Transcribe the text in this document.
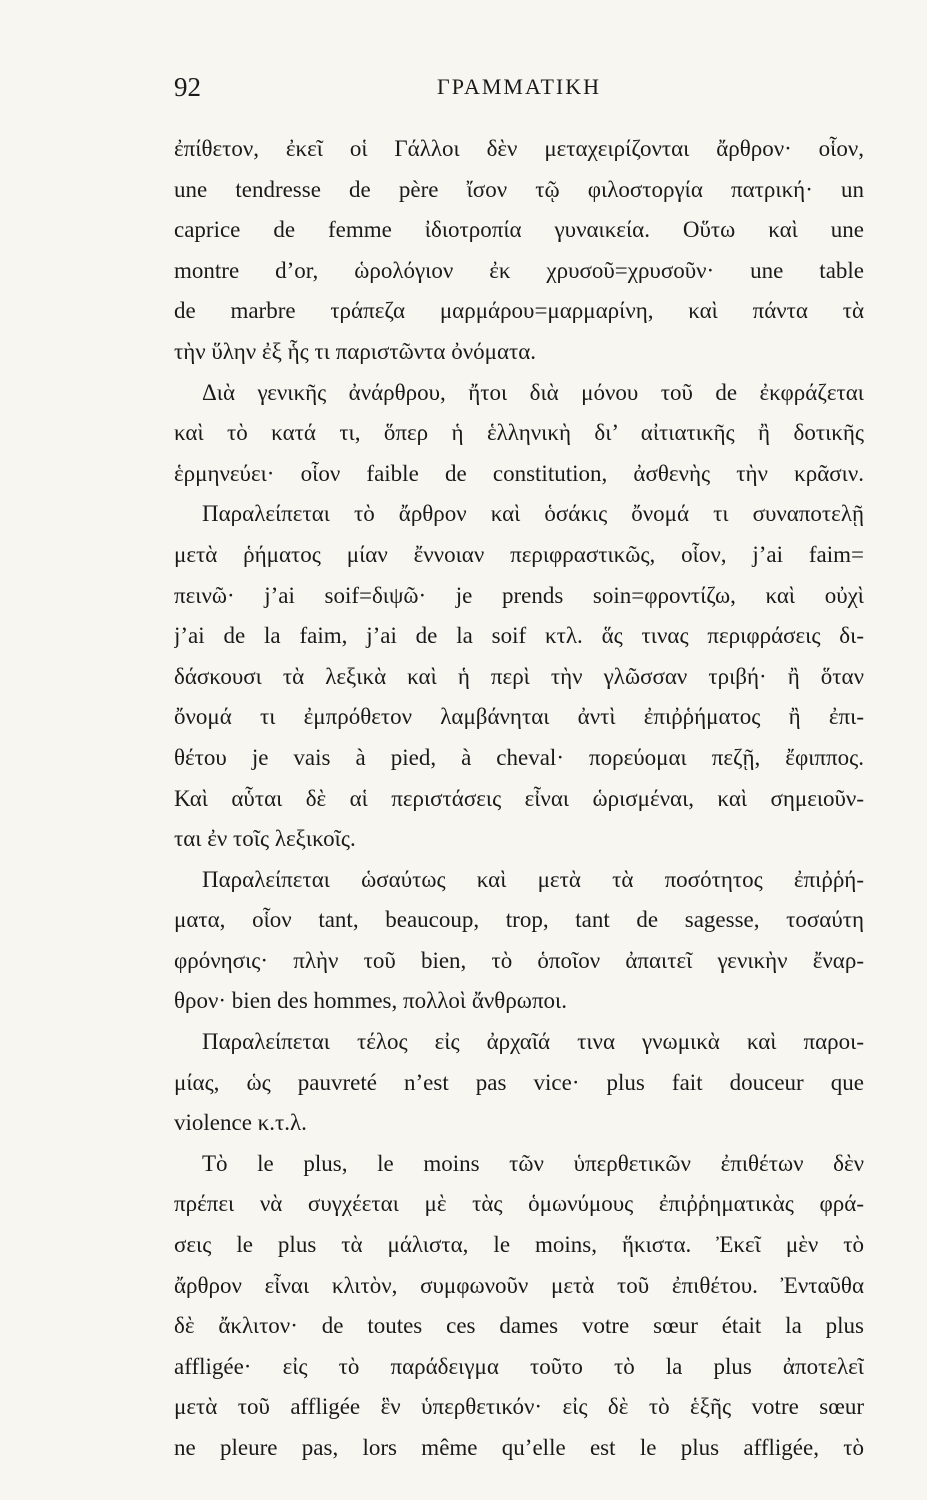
92	ΓΡΑΜΜΑΤΙΚΗ
ἐπίθετον, ἐκεῖ οἱ Γάλλοι δὲν μεταχειρίζονται ἄρθρον· οἷον,
une tendresse de père ἴσον τῷ φιλοστοργία πατρική· un
caprice de femme ἰδιοτροπία γυναικεία. Οὕτω καὶ une
montre d’or, ὡρολόγιον ἐκ χρυσοῦ=χρυσοῦν· une table
de marbre τράπεζα μαρμάρου=μαρμαρίνη, καὶ πάντα τὰ
τὴν ὕλην ἐξ ἧς τι παριστῶντα ὀνόματα.
Διὰ γενικῆς ἀνάρθρου, ἤτοι διὰ μόνου τοῦ de ἐκφράζεται
καὶ τὸ κατά τι, ὅπερ ἡ ἑλληνικὴ δι’ αἰτιατικῆς ἢ δοτικῆς
ἑρμηνεύει· οἷον faible de constitution, ἀσθενὴς τὴν κρᾶσιν.
Παραλείπεται τὸ ἄρθρον καὶ ὁσάκις ὄνομά τι συναποτελῇ
μετὰ ῥήματος μίαν ἔννοιαν περιφραστικῶς, οἷον, j’ai faim=
πεινῶ· j’ai soif=διψῶ· je prends soin=φροντίζω, καὶ οὐχὶ
j’ai de la faim, j’ai de la soif κτλ. ἅς τινας περιφράσεις δι-
δάσκουσι τὰ λεξικὰ καὶ ἡ περὶ τὴν γλῶσσαν τριβή· ἢ ὅταν
ὄνομά τι ἐμπρόθετον λαμβάνηται ἀντὶ ἐπιῤῥήματος ἢ ἐπι-
θέτου je vais à pied, à cheval· πορεύομαι πεζῇ, ἔφιππος.
Καὶ αὗται δὲ αἱ περιστάσεις εἶναι ὡρισμέναι, καὶ σημειοῦν-
ται ἐν τοῖς λεξικοῖς.
Παραλείπεται ὡσαύτως καὶ μετὰ τὰ ποσότητος ἐπιῤῥή-
ματα, οἷον tant, beaucoup, trop, tant de sagesse, τοσαύτη
φρόνησις· πλὴν τοῦ bien, τὸ ὁποῖον ἀπαιτεῖ γενικὴν ἔναρ-
θρον· bien des hommes, πολλοὶ ἄνθρωποι.
Παραλείπεται τέλος εἰς ἀρχαῖά τινα γνωμικὰ καὶ παροι-
μίας, ὡς pauvreté n’est pas vice· plus fait douceur que
violence κ.τ.λ.
Τὸ le plus, le moins τῶν ὑπερθετικῶν ἐπιθέτων δὲν
πρέπει νὰ συγχέεται μὲ τὰς ὁμωνύμους ἐπιῤῥηματικὰς φρά-
σεις le plus τὰ μάλιστα, le moins, ἥκιστα. Ἐκεῖ μὲν τὸ
ἄρθρον εἶναι κλιτὸν, συμφωνοῦν μετὰ τοῦ ἐπιθέτου. Ἐνταῦθα
δὲ ἄκλιτον· de toutes ces dames votre sœur était la plus
affligée· εἰς τὸ παράδειγμα τοῦτο τὸ la plus ἀποτελεῖ
μετὰ τοῦ affligée ἓν ὑπερθετικόν· εἰς δὲ τὸ ἑξῆς votre sœur
ne pleure pas, lors même qu’elle est le plus affligée, τὸ
